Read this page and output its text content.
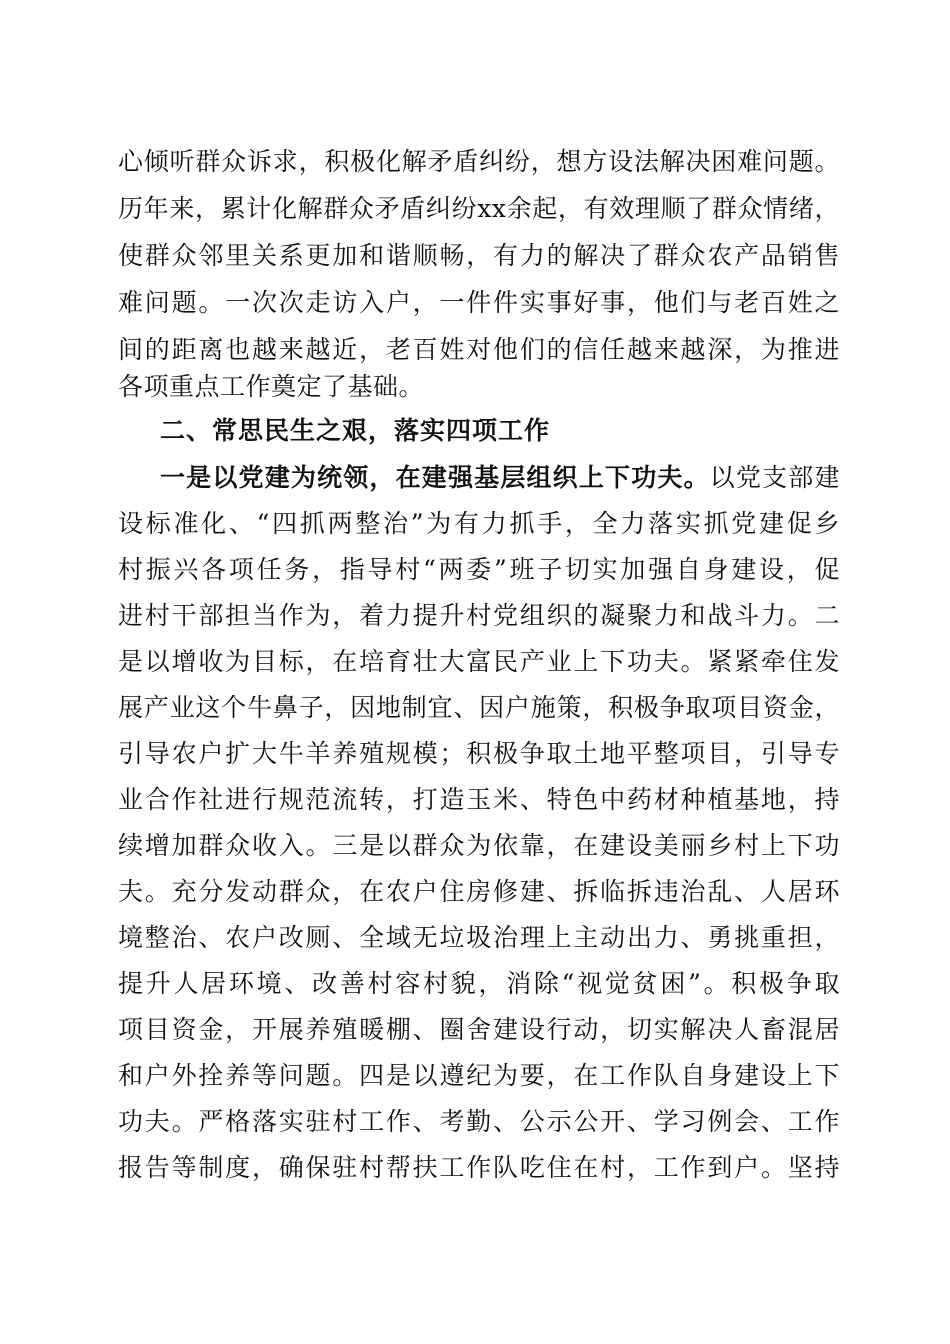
心倾听群众诉求，积极化解矛盾纠纷，想方设法解决困难问题。
历年来，累计化解群众矛盾纠纷xx余起，有效理顺了群众情绪，
使群众邻里关系更加和谐顺畅，有力的解决了群众农产品销售
难问题。一次次走访入户，一件件实事好事，他们与老百姓之
间的距离也越来越近，老百姓对他们的信任越来越深，为推进
各项重点工作奠定了基础。
二、常思民生之艰，落实四项工作
一是以党建为统领，在建强基层组织上下功夫。以党支部建
设标准化、“四抓两整治”为有力抓手，全力落实抓党建促乡
村振兴各项任务，指导村“两委”班子切实加强自身建设，促
进村干部担当作为，着力提升村党组织的凝聚力和战斗力。二
是以增收为目标，在培育壮大富民产业上下功夫。紧紧牵住发
展产业这个牛鼻子，因地制宜、因户施策，积极争取项目资金，
引导农户扩大牛羊养殖规模；积极争取土地平整项目，引导专
业合作社进行规范流转，打造玉米、特色中药材种植基地，持
续增加群众收入。三是以群众为依靠，在建设美丽乡村上下功
夫。充分发动群众，在农户住房修建、拆临拆违治乱、人居环
境整治、农户改厕、全域无垃圾治理上主动出力、勇挑重担，
提升人居环境、改善村容村貌，消除“视觉贫困”。积极争取
项目资金，开展养殖暖棚、圈舍建设行动，切实解决人畜混居
和户外拴养等问题。四是以遵纪为要，在工作队自身建设上下
功夫。严格落实驻村工作、考勤、公示公开、学习例会、工作
报告等制度，确保驻村帮扶工作队吃住在村，工作到户。坚持
